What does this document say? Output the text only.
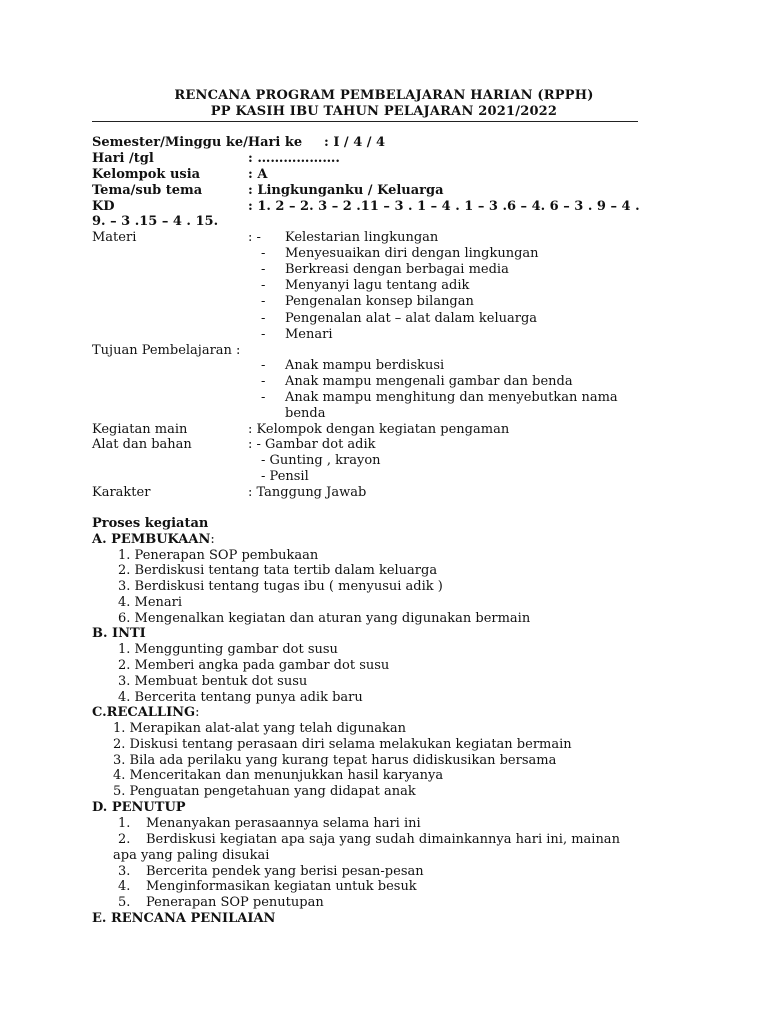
RENCANA PROGRAM PEMBELAJARAN HARIAN (RPPH)
PP KASIH IBU TAHUN PELAJARAN 2021/2022
Semester/Minggu ke/Hari ke : I / 4 / 4
Hari /tgl	: ……………….
Kelompok usia	: A
Tema/sub tema	: Lingkunganku / Keluarga
KD	: 1. 2 – 2. 3 – 2 .11 – 3 . 1 – 4 . 1 – 3 .6 – 4. 6 – 3 . 9 – 4 .
9. – 3 .15 – 4 . 15.
Materi	: - Kelestarian lingkungan
- Menyesuaikan diri dengan lingkungan
- Berkreasi dengan berbagai media
- Menyanyi lagu tentang adik
- Pengenalan konsep bilangan
- Pengenalan alat – alat dalam keluarga
- Menari
Tujuan Pembelajaran :
- Anak mampu berdiskusi
- Anak mampu mengenali gambar dan benda
- Anak mampu menghitung dan menyebutkan nama
benda
Kegiatan main	: Kelompok dengan kegiatan pengaman
Alat dan bahan	: - Gambar dot adik
- Gunting , krayon
- Pensil
Karakter	: Tanggung Jawab
Proses kegiatan
A. PEMBUKAAN:
1. Penerapan SOP pembukaan
2. Berdiskusi tentang tata tertib dalam keluarga
3. Berdiskusi tentang tugas ibu ( menyusui adik )
4. Menari
6. Mengenalkan kegiatan dan aturan yang digunakan bermain
B. INTI
1. Menggunting gambar dot susu
2. Memberi angka pada gambar dot susu
3. Membuat bentuk dot susu
4. Bercerita tentang punya adik baru
C.RECALLING:
1. Merapikan alat-alat yang telah digunakan
2. Diskusi tentang perasaan diri selama melakukan kegiatan bermain
3. Bila ada perilaku yang kurang tepat harus didiskusikan bersama
4. Menceritakan dan menunjukkan hasil karyanya
5. Penguatan pengetahuan yang didapat anak
D. PENUTUP
1. Menanyakan perasaannya selama hari ini
2. Berdiskusi kegiatan apa saja yang sudah dimainkannya hari ini, mainan
apa yang paling disukai
3. Bercerita pendek yang berisi pesan-pesan
4. Menginformasikan kegiatan untuk besuk
5. Penerapan SOP penutupan
E. RENCANA PENILAIAN
